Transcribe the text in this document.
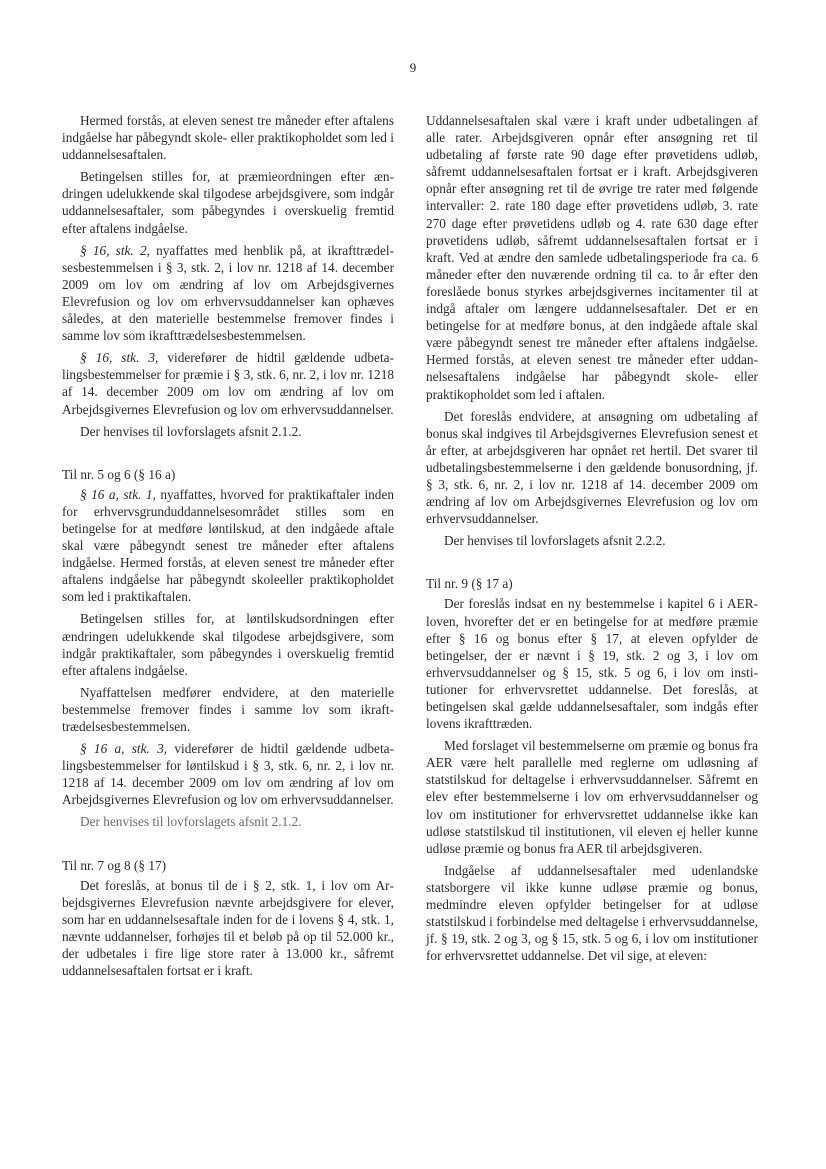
9

Hermed forstås, at eleven senest tre måneder efter aftalens indgåelse har påbegyndt skole- eller praktikopholdet som led i uddannelsesaftalen.

Betingelsen stilles for, at præmieordningen efter ændringen udelukkende skal tilgodese arbejdsgivere, som indgår uddannelsesaftaler, som påbegyndes i overskuelig fremtid efter aftalens indgåelse.

§ 16, stk. 2, nyaffattes med henblik på, at ikrafttrædelsesbestemmelsen i § 3, stk. 2, i lov nr. 1218 af 14. december 2009 om lov om ændring af lov om Arbejdsgivernes Elevrefusion og lov om erhvervsuddannelser kan ophæves således, at den materielle bestemmelse fremover findes i samme lov som ikrafttrædelsesbestemmelsen.

§ 16, stk. 3, viderefører de hidtil gældende udbetalingsbestemmelser for præmie i § 3, stk. 6, nr. 2, i lov nr. 1218 af 14. december 2009 om lov om ændring af lov om Arbejdsgivernes Elevrefusion og lov om erhvervsuddannelser.

Der henvises til lovforslagets afsnit 2.1.2.

Til nr. 5 og 6 (§ 16 a)

§ 16 a, stk. 1, nyaffattes, hvorved for praktikaftaler inden for erhvervsgrunduddannelsesområdet stilles som en betingelse for at medføre løntilskud, at den indgåede aftale skal være påbegyndt senest tre måneder efter aftalens indgåelse. Hermed forstås, at eleven senest tre måneder efter aftalens indgåelse har påbegyndt skoleeller praktikopholdet som led i praktikaftalen.

Betingelsen stilles for, at løntilskudsordningen efter ændringen udelukkende skal tilgodese arbejdsgivere, som indgår praktikaftaler, som påbegyndes i overskuelig fremtid efter aftalens indgåelse.

Nyaffattelsen medfører endvidere, at den materielle bestemmelse fremover findes i samme lov som ikrafttrædelsesbestemmelsen.

§ 16 a, stk. 3, viderefører de hidtil gældende udbetalingsbestemmelser for løntilskud i § 3, stk. 6, nr. 2, i lov nr. 1218 af 14. december 2009 om lov om ændring af lov om Arbejdsgivernes Elevrefusion og lov om erhvervsuddannelser.

Der henvises til lovforslagets afsnit 2.1.2.

Til nr. 7 og 8 (§ 17)

Det foreslås, at bonus til de i § 2, stk. 1, i lov om Arbejdsgivernes Elevrefusion nævnte arbejdsgivere for elever, som har en uddannelsesaftale inden for de i lovens § 4, stk. 1, nævnte uddannelser, forhøjes til et beløb på op til 52.000 kr., der udbetales i fire lige store rater à 13.000 kr., såfremt uddannelsesaftalen fortsat er i kraft.

Uddannelsesaftalen skal være i kraft under udbetalingen af alle rater. Arbejdsgiveren opnår efter ansøgning ret til udbetaling af første rate 90 dage efter prøvetidens udløb, såfremt uddannelsesaftalen fortsat er i kraft. Arbejdsgiveren opnår efter ansøgning ret til de øvrige tre rater med følgende intervaller: 2. rate 180 dage efter prøvetidens udløb, 3. rate 270 dage efter prøvetidens udløb og 4. rate 630 dage efter prøvetidens udløb, såfremt uddannelsesaftalen fortsat er i kraft. Ved at ændre den samlede udbetalingsperiode fra ca. 6 måneder efter den nuværende ordning til ca. to år efter den foreslåede bonus styrkes arbejdsgivernes incitamenter til at indgå aftaler om længere uddannelsesaftaler. Det er en betingelse for at medføre bonus, at den indgåede aftale skal være påbegyndt senest tre måneder efter aftalens indgåelse. Hermed forstås, at eleven senest tre måneder efter uddannelsesaftalens indgåelse har påbegyndt skole- eller praktikopholdet som led i aftalen.

Det foreslås endvidere, at ansøgning om udbetaling af bonus skal indgives til Arbejdsgivernes Elevrefusion senest et år efter, at arbejdsgiveren har opnået ret hertil. Det svarer til udbetalingsbestemmelserne i den gældende bonusordning, jf. § 3, stk. 6, nr. 2, i lov nr. 1218 af 14. december 2009 om ændring af lov om Arbejdsgivernes Elevrefusion og lov om erhvervsuddannelser.

Der henvises til lovforslagets afsnit 2.2.2.

Til nr. 9 (§ 17 a)

Der foreslås indsat en ny bestemmelse i kapitel 6 i AER-loven, hvorefter det er en betingelse for at medføre præmie efter § 16 og bonus efter § 17, at eleven opfylder de betingelser, der er nævnt i § 19, stk. 2 og 3, i lov om erhvervsuddannelser og § 15, stk. 5 og 6, i lov om institutioner for erhvervsrettet uddannelse. Det foreslås, at betingelsen skal gælde uddannelsesaftaler, som indgås efter lovens ikrafttræden.

Med forslaget vil bestemmelserne om præmie og bonus fra AER være helt parallelle med reglerne om udløsning af statstilskud for deltagelse i erhvervsuddannelser. Såfremt en elev efter bestemmelserne i lov om erhvervsuddannelser og lov om institutioner for erhvervsrettet uddannelse ikke kan udløse statstilskud til institutionen, vil eleven ej heller kunne udløse præmie og bonus fra AER til arbejdsgiveren.

Indgåelse af uddannelsesaftaler med udenlandske statsborgere vil ikke kunne udløse præmie og bonus, medmindre eleven opfylder betingelser for at udløse statstilskud i forbindelse med deltagelse i erhvervsuddannelse, jf. § 19, stk. 2 og 3, og § 15, stk. 5 og 6, i lov om institutioner for erhvervsrettet uddannelse. Det vil sige, at eleven:
